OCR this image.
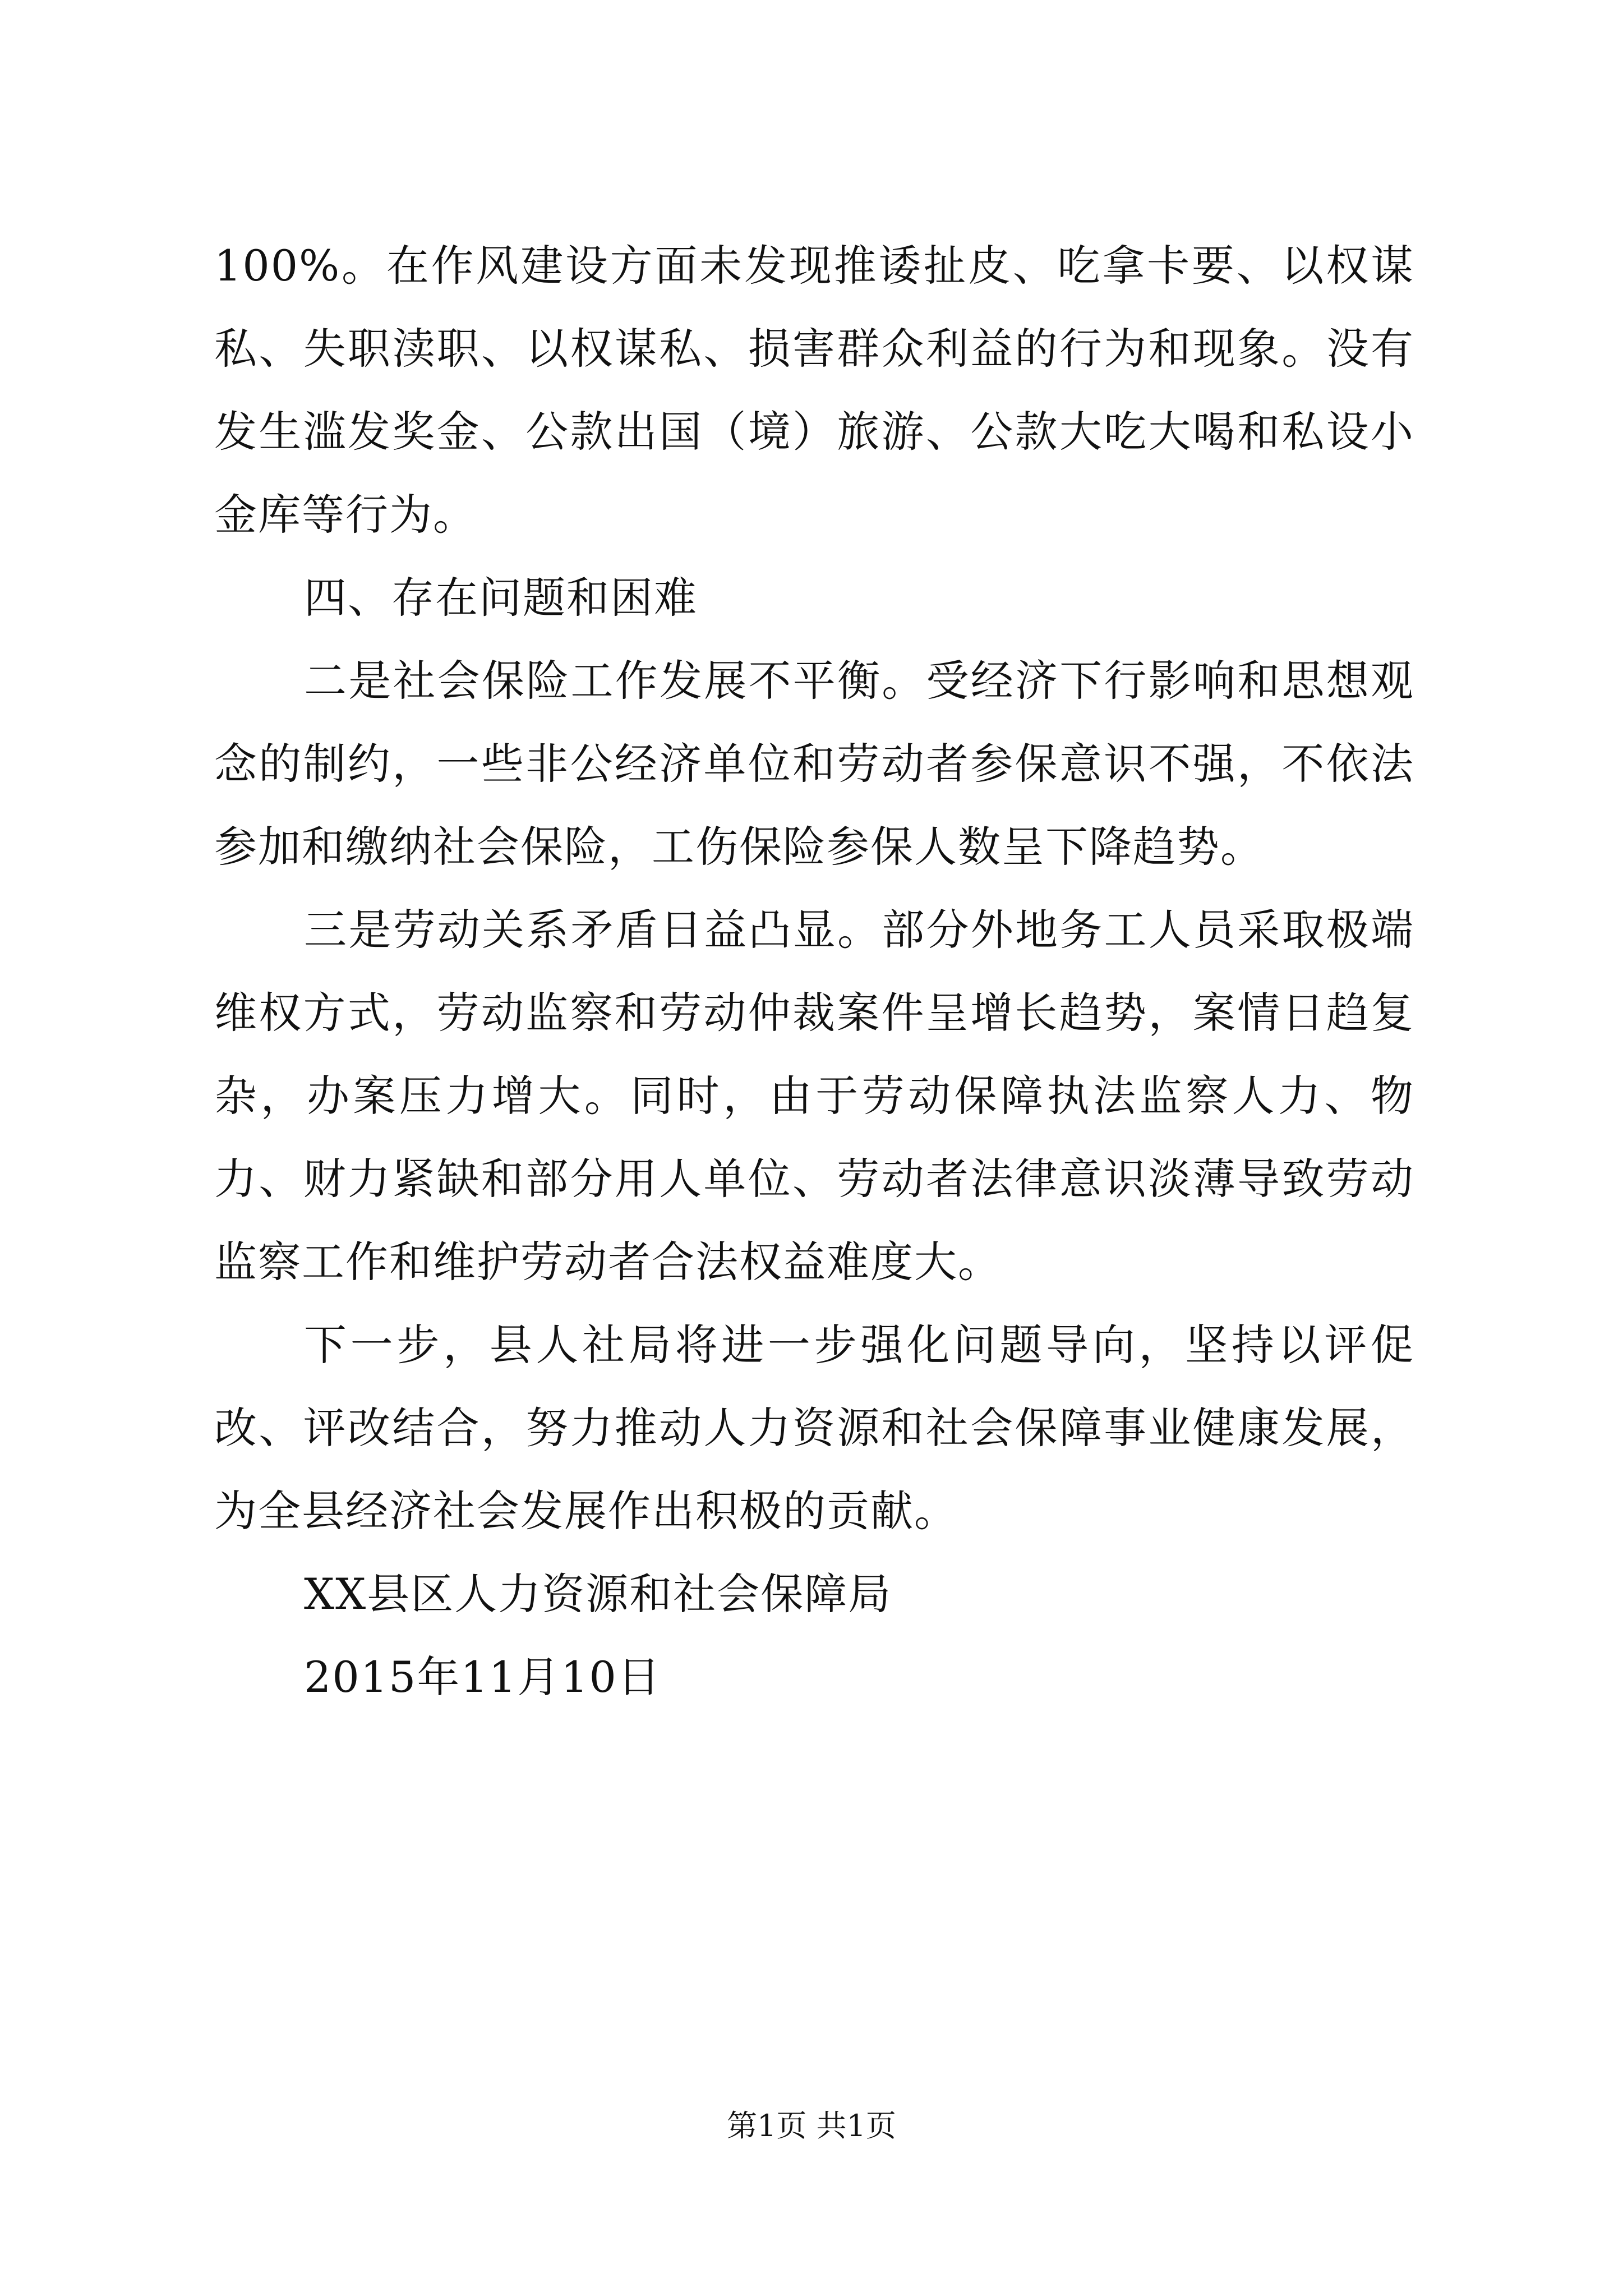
100%。在作风建设方面未发现推诿扯皮、吃拿卡要、以权谋私、失职渎职、以权谋私、损害群众利益的行为和现象。没有发生滥发奖金、公款出国（境）旅游、公款大吃大喝和私设小金库等行为。

四、存在问题和困难

二是社会保险工作发展不平衡。受经济下行影响和思想观念的制约，一些非公经济单位和劳动者参保意识不强，不依法参加和缴纳社会保险，工伤保险参保人数呈下降趋势。

三是劳动关系矛盾日益凸显。部分外地务工人员采取极端维权方式，劳动监察和劳动仲裁案件呈增长趋势，案情日趋复杂，办案压力增大。同时，由于劳动保障执法监察人力、物力、财力紧缺和部分用人单位、劳动者法律意识淡薄导致劳动监察工作和维护劳动者合法权益难度大。

下一步，县人社局将进一步强化问题导向，坚持以评促改、评改结合，努力推动人力资源和社会保障事业健康发展，为全县经济社会发展作出积极的贡献。

XX县区人力资源和社会保障局

2015年11月10日

第1页 共1页
